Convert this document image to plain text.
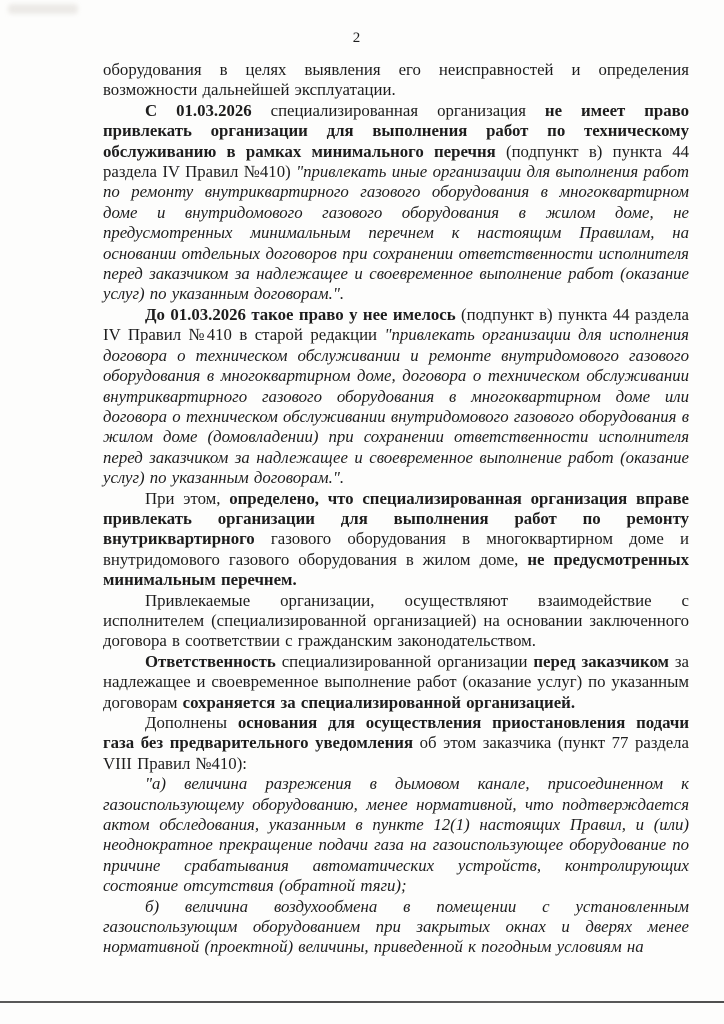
2

оборудования в целях выявления его неисправностей и определения возможности дальнейшей эксплуатации.

С 01.03.2026 специализированная организация не имеет право привлекать организации для выполнения работ по техническому обслуживанию в рамках минимального перечня (подпункт в) пункта 44 раздела IV Правил №410) "привлекать иные организации для выполнения работ по ремонту внутриквартирного газового оборудования в многоквартирном доме и внутридомового газового оборудования в жилом доме, не предусмотренных минимальным перечнем к настоящим Правилам, на основании отдельных договоров при сохранении ответственности исполнителя перед заказчиком за надлежащее и своевременное выполнение работ (оказание услуг) по указанным договорам.".

До 01.03.2026 такое право у нее имелось (подпункт в) пункта 44 раздела IV Правил №410 в старой редакции "привлекать организации для исполнения договора о техническом обслуживании и ремонте внутридомового газового оборудования в многоквартирном доме, договора о техническом обслуживании внутриквартирного газового оборудования в многоквартирном доме или договора о техническом обслуживании внутридомового газового оборудования в жилом доме (домовладении) при сохранении ответственности исполнителя перед заказчиком за надлежащее и своевременное выполнение работ (оказание услуг) по указанным договорам.".

При этом, определено, что специализированная организация вправе привлекать организации для выполнения работ по ремонту внутриквартирного газового оборудования в многоквартирном доме и внутридомового газового оборудования в жилом доме, не предусмотренных минимальным перечнем.

Привлекаемые организации, осуществляют взаимодействие с исполнителем (специализированной организацией) на основании заключенного договора в соответствии с гражданским законодательством.

Ответственность специализированной организации перед заказчиком за надлежащее и своевременное выполнение работ (оказание услуг) по указанным договорам сохраняется за специализированной организацией.

Дополнены основания для осуществления приостановления подачи газа без предварительного уведомления об этом заказчика (пункт 77 раздела VIII Правил №410):

"а) величина разрежения в дымовом канале, присоединенном к газоиспользующему оборудованию, менее нормативной, что подтверждается актом обследования, указанным в пункте 12(1) настоящих Правил, и (или) неоднократное прекращение подачи газа на газоиспользующее оборудование по причине срабатывания автоматических устройств, контролирующих состояние отсутствия (обратной тяги);

б) величина воздухообмена в помещении с установленным газоиспользующим оборудованием при закрытых окнах и дверях менее нормативной (проектной) величины, приведенной к погодным условиям на
